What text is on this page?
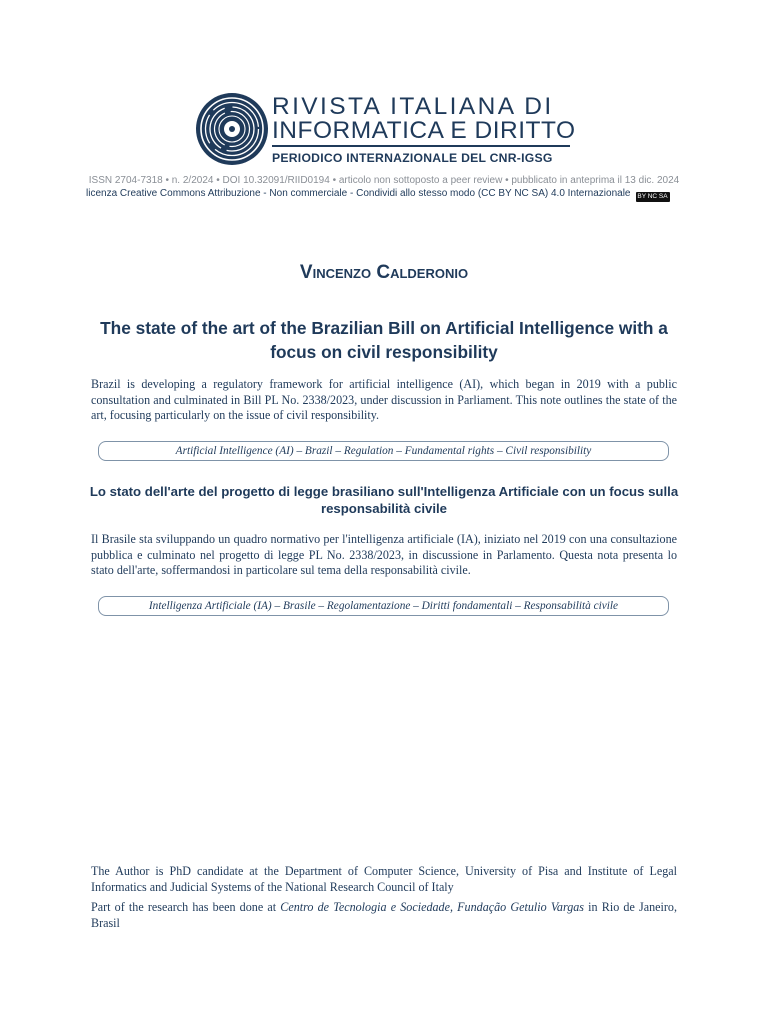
RIVISTA ITALIANA DI
INFORMATICA E DIRITTO
PERIODICO INTERNAZIONALE DEL CNR-IGSG
ISSN 2704-7318 • n. 2/2024 • DOI 10.32091/RIID0194 • articolo non sottoposto a peer review • pubblicato in anteprima il 13 dic. 2024
licenza Creative Commons Attribuzione - Non commerciale - Condividi allo stesso modo (CC BY NC SA) 4.0 Internazionale BY NC SA
Vincenzo Calderonio
The state of the art of the Brazilian Bill on Artificial Intelligence with a focus on civil responsibility
Brazil is developing a regulatory framework for artificial intelligence (AI), which began in 2019 with a public consultation and culminated in Bill PL No. 2338/2023, under discussion in Parliament. This note outlines the state of the art, focusing particularly on the issue of civil responsibility.
Artificial Intelligence (AI) – Brazil – Regulation – Fundamental rights – Civil responsibility
Lo stato dell'arte del progetto di legge brasiliano sull'Intelligenza Artificiale con un focus sulla responsabilità civile
Il Brasile sta sviluppando un quadro normativo per l'intelligenza artificiale (IA), iniziato nel 2019 con una consultazione pubblica e culminato nel progetto di legge PL No. 2338/2023, in discussione in Parlamento. Questa nota presenta lo stato dell'arte, soffermandosi in particolare sul tema della responsabilità civile.
Intelligenza Artificiale (IA) – Brasile – Regolamentazione – Diritti fondamentali – Responsabilità civile
The Author is PhD candidate at the Department of Computer Science, University of Pisa and Institute of Legal Informatics and Judicial Systems of the National Research Council of Italy
Part of the research has been done at Centro de Tecnologia e Sociedade, Fundação Getulio Vargas in Rio de Janeiro, Brasil
